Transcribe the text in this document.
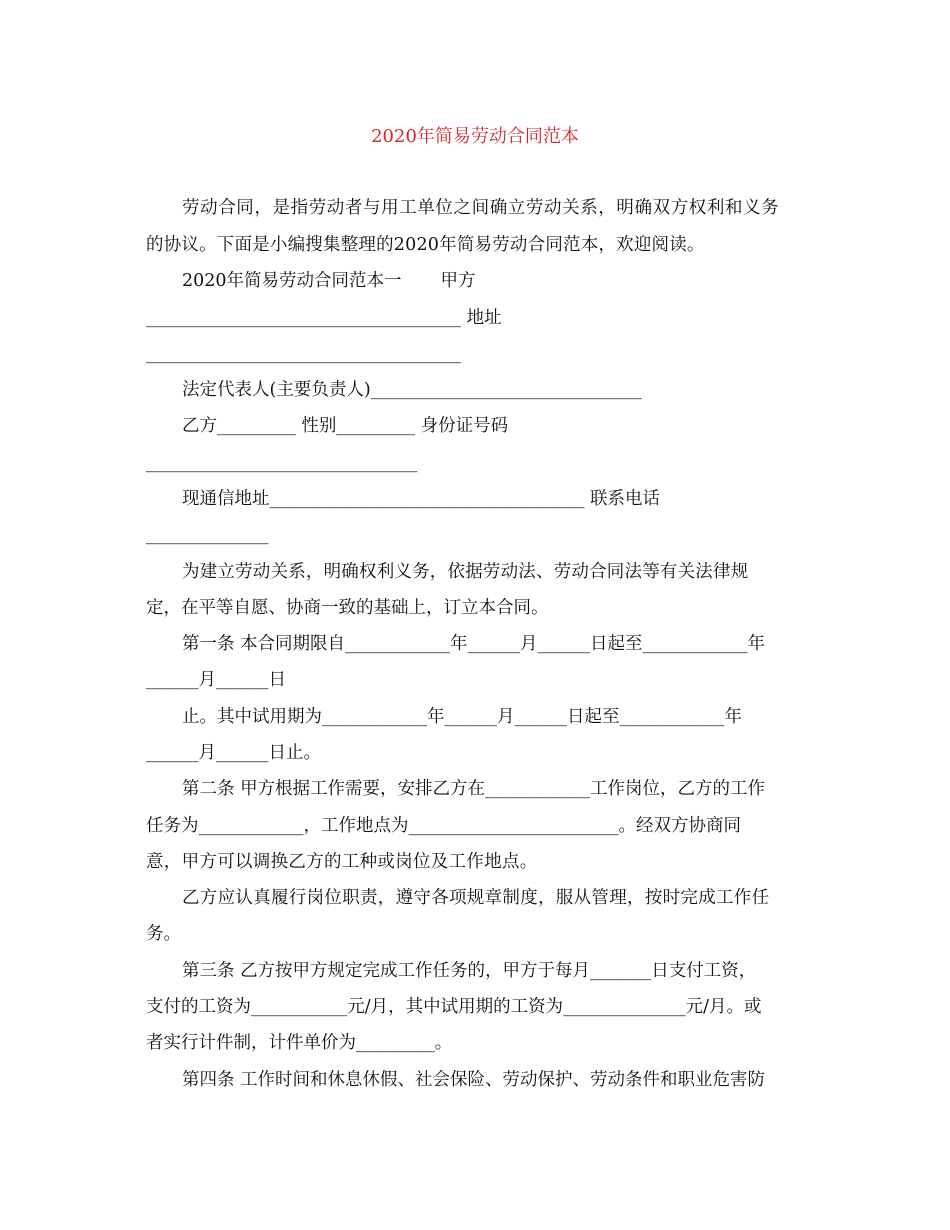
2020年简易劳动合同范本
劳动合同，是指劳动者与用工单位之间确立劳动关系，明确双方权利和义务
的协议。下面是小编搜集整理的2020年简易劳动合同范本，欢迎阅读。
2020年简易劳动合同范本一       甲方
____________________________________ 地址
____________________________________
法定代表人(主要负责人)_______________________________
乙方_________ 性别_________ 身份证号码
_______________________________
现通信地址____________________________________ 联系电话
______________
为建立劳动关系，明确权利义务，依据劳动法、劳动合同法等有关法律规
定，在平等自愿、协商一致的基础上，订立本合同。
第一条 本合同期限自____________年______月______日起至____________年
______月______日
止。其中试用期为____________年______月______日起至____________年
______月______日止。
第二条 甲方根据工作需要，安排乙方在____________工作岗位，乙方的工作
任务为____________，工作地点为________________________。经双方协商同
意，甲方可以调换乙方的工种或岗位及工作地点。
乙方应认真履行岗位职责，遵守各项规章制度，服从管理，按时完成工作任
务。
第三条 乙方按甲方规定完成工作任务的，甲方于每月_______日支付工资，
支付的工资为___________元/月，其中试用期的工资为______________元/月。或
者实行计件制，计件单价为_________。
第四条 工作时间和休息休假、社会保险、劳动保护、劳动条件和职业危害防
